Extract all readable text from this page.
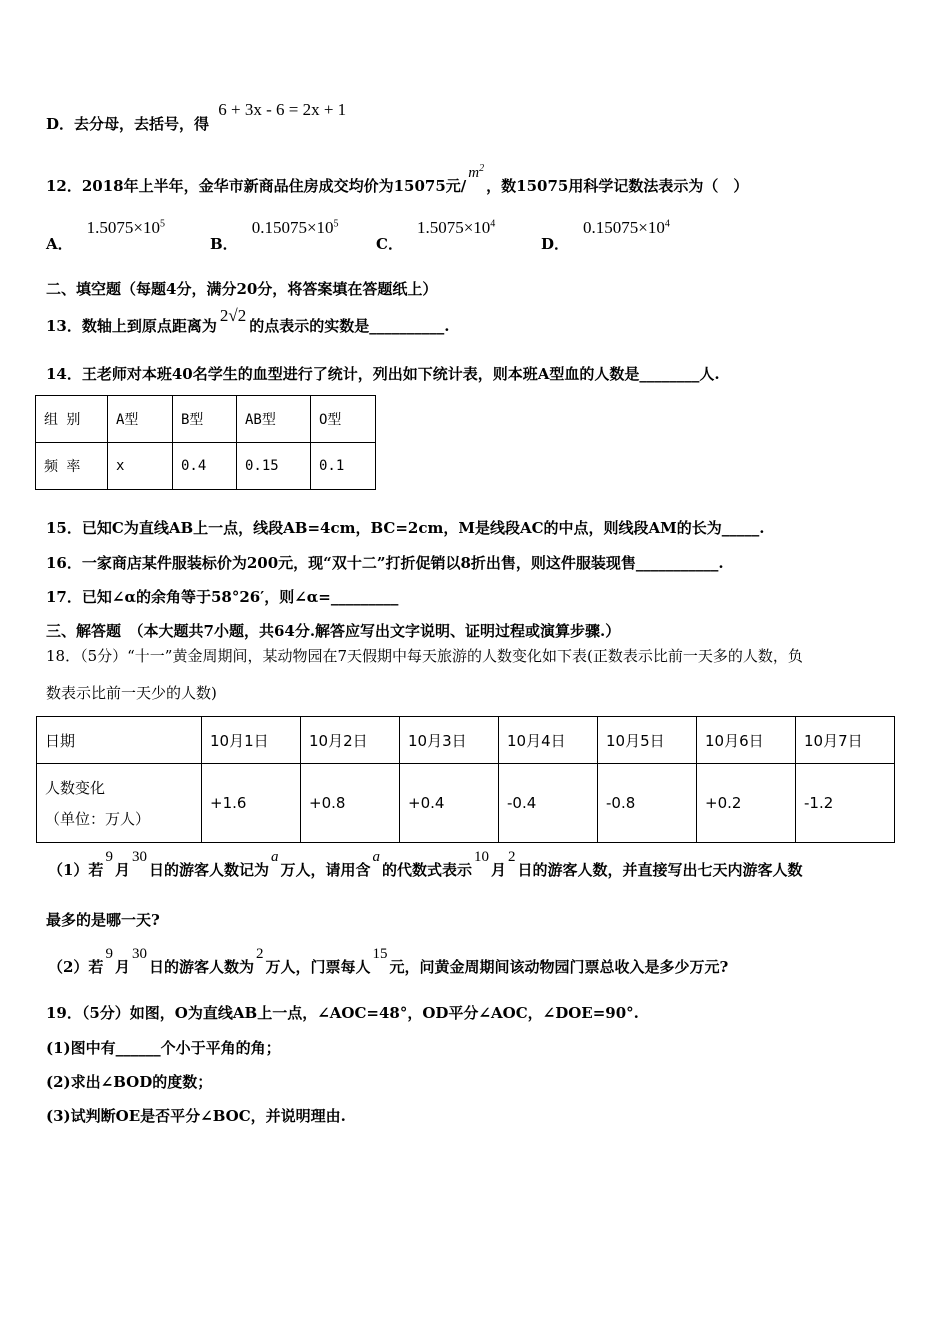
D．去分母，去括号，得 6 + 3x - 6 = 2x + 1
12．2018年上半年，金华市新商品住房成交均价为15075元$/m^2$，数15075用科学记数法表示为（　）
A．$1.5075\times 10^5$
B．$0.15075\times 10^5$
C．$1.5075\times 10^4$
D．$0.15075\times 10^4$
二、填空题（每题4分，满分20分，将答案填在答题纸上）
13．数轴上到原点距离为2√2的点表示的实数是__________.
14．王老师对本班40名学生的血型进行了统计，列出如下统计表，则本班A型血的人数是________人.
组 别	A型	B型	AB型	O型
频 率	x	0.4	0.15	0.1
15．已知C为直线AB上一点，线段AB=4cm，BC=2cm，M是线段AC的中点，则线段AM的长为_____.
16．一家商店某件服装标价为200元，现“双十二”打折促销以8折出售，则这件服装现售___________.
17．已知∠α的余角等于58°26′，则∠α=_________
三、解答题　（本大题共7小题，共64分.解答应写出文字说明、证明过程或演算步骤.）
18．（5分）“十一”黄金周期间，某动物园在7天假期中每天旅游的人数变化如下表(正数表示比前一天多的人数，负
数表示比前一天少的人数)
日期	10月1日	10月2日	10月3日	10月4日	10月5日	10月6日	10月7日

人数变化
（单位：万人）	+1.6	+0.8	+0.4	-0.4	-0.8	+0.2	-1.2
（1）若9月30日的游客人数记为a万人，请用含a的代数式表示10月2日的游客人数，并直接写出七天内游客人数
最多的是哪一天?
（2）若9月30日的游客人数为2万人，门票每人15元，问黄金周期间该动物园门票总收入是多少万元?
19．（5分）如图，O为直线AB上一点，∠AOC=48°，OD平分∠AOC，∠DOE=90°.
(1)图中有______个小于平角的角；
(2)求出∠BOD的度数；
(3)试判断OE是否平分∠BOC，并说明理由.
